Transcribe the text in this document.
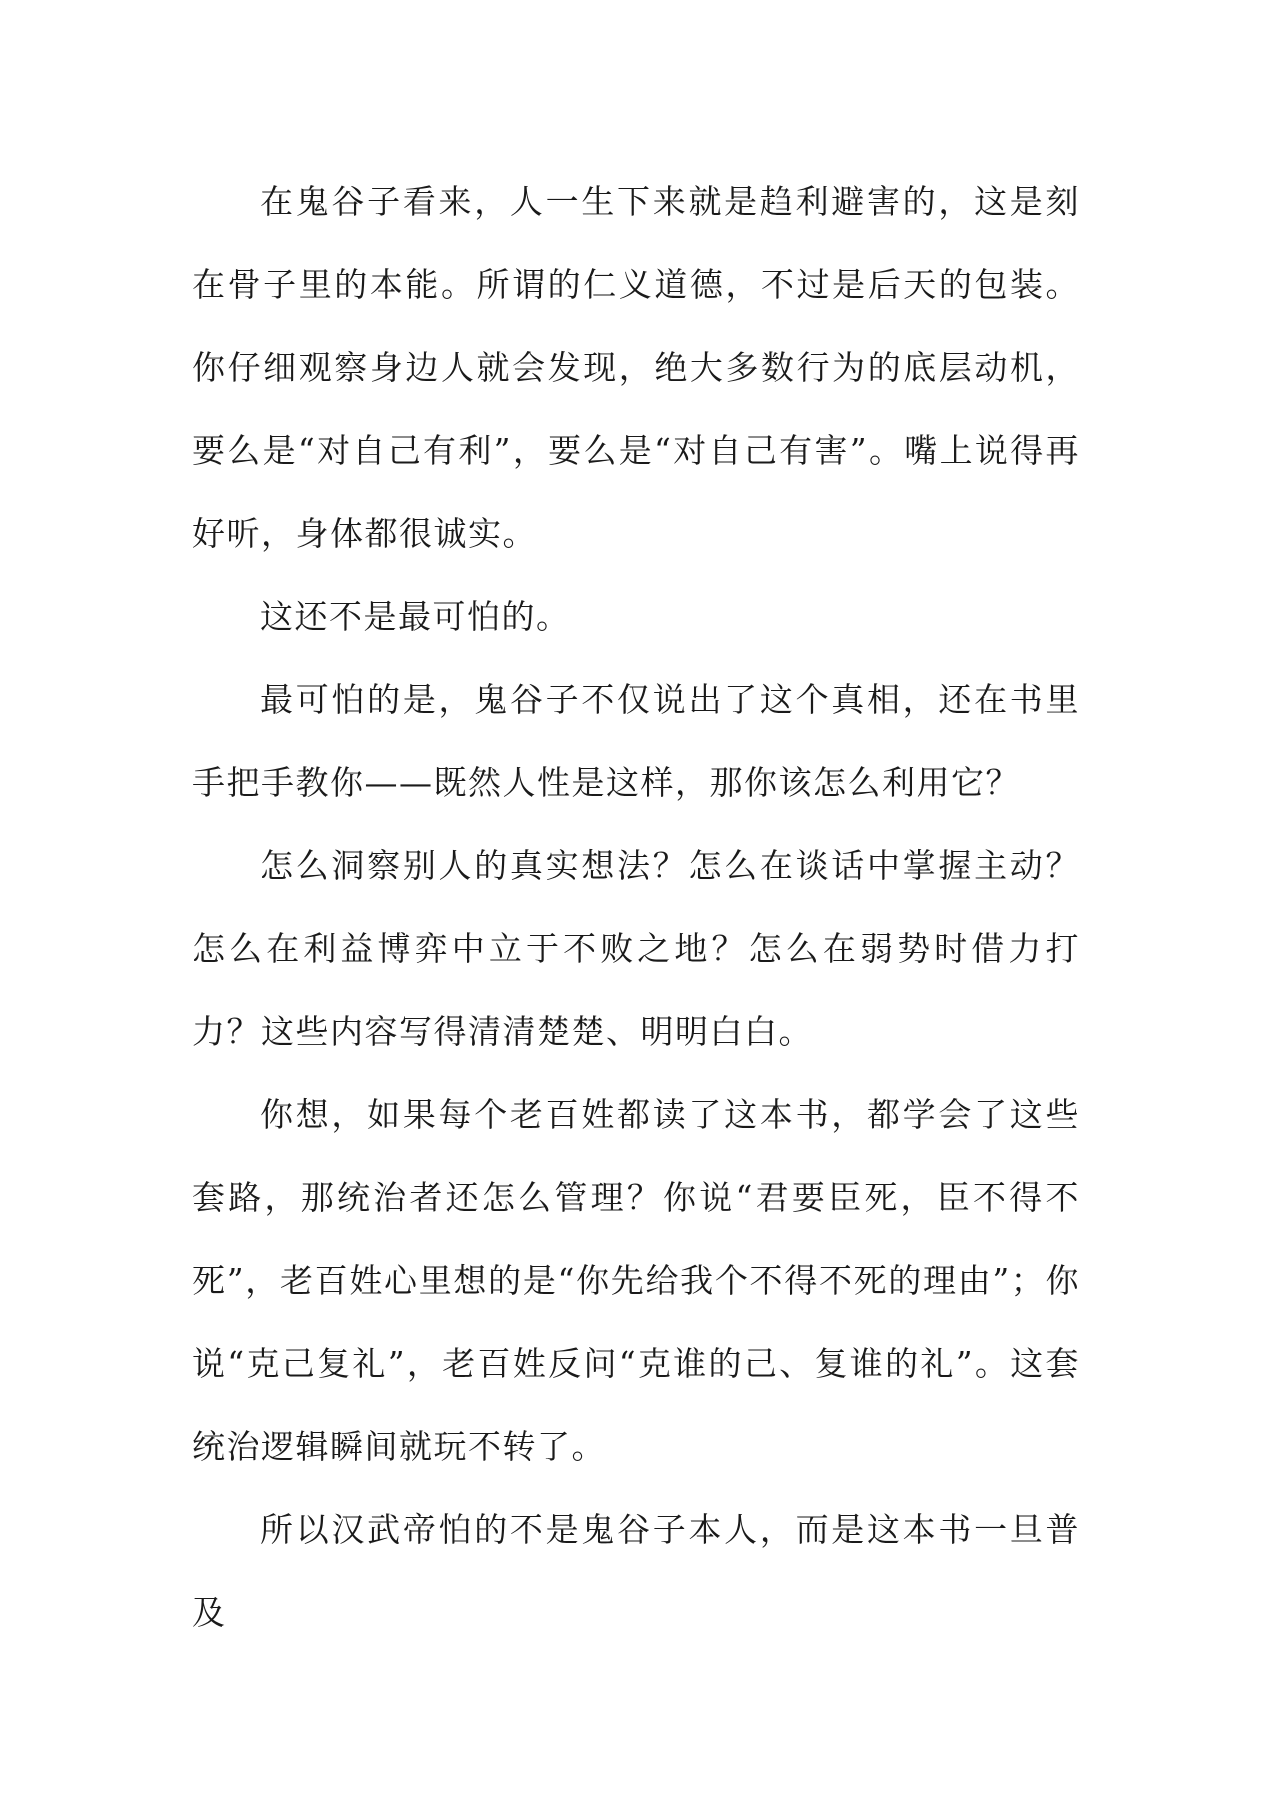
在鬼谷子看来，人一生下来就是趋利避害的，这是刻在骨子里的本能。所谓的仁义道德，不过是后天的包装。你仔细观察身边人就会发现，绝大多数行为的底层动机，要么是“对自己有利”，要么是“对自己有害”。嘴上说得再好听，身体都很诚实。

这还不是最可怕的。

最可怕的是，鬼谷子不仅说出了这个真相，还在书里手把手教你——既然人性是这样，那你该怎么利用它？

怎么洞察别人的真实想法？怎么在谈话中掌握主动？怎么在利益博弈中立于不败之地？怎么在弱势时借力打力？这些内容写得清清楚楚、明明白白。

你想，如果每个老百姓都读了这本书，都学会了这些套路，那统治者还怎么管理？你说“君要臣死，臣不得不死”，老百姓心里想的是“你先给我个不得不死的理由”；你说“克己复礼”，老百姓反问“克谁的己、复谁的礼”。这套统治逻辑瞬间就玩不转了。

所以汉武帝怕的不是鬼谷子本人，而是这本书一旦普及
